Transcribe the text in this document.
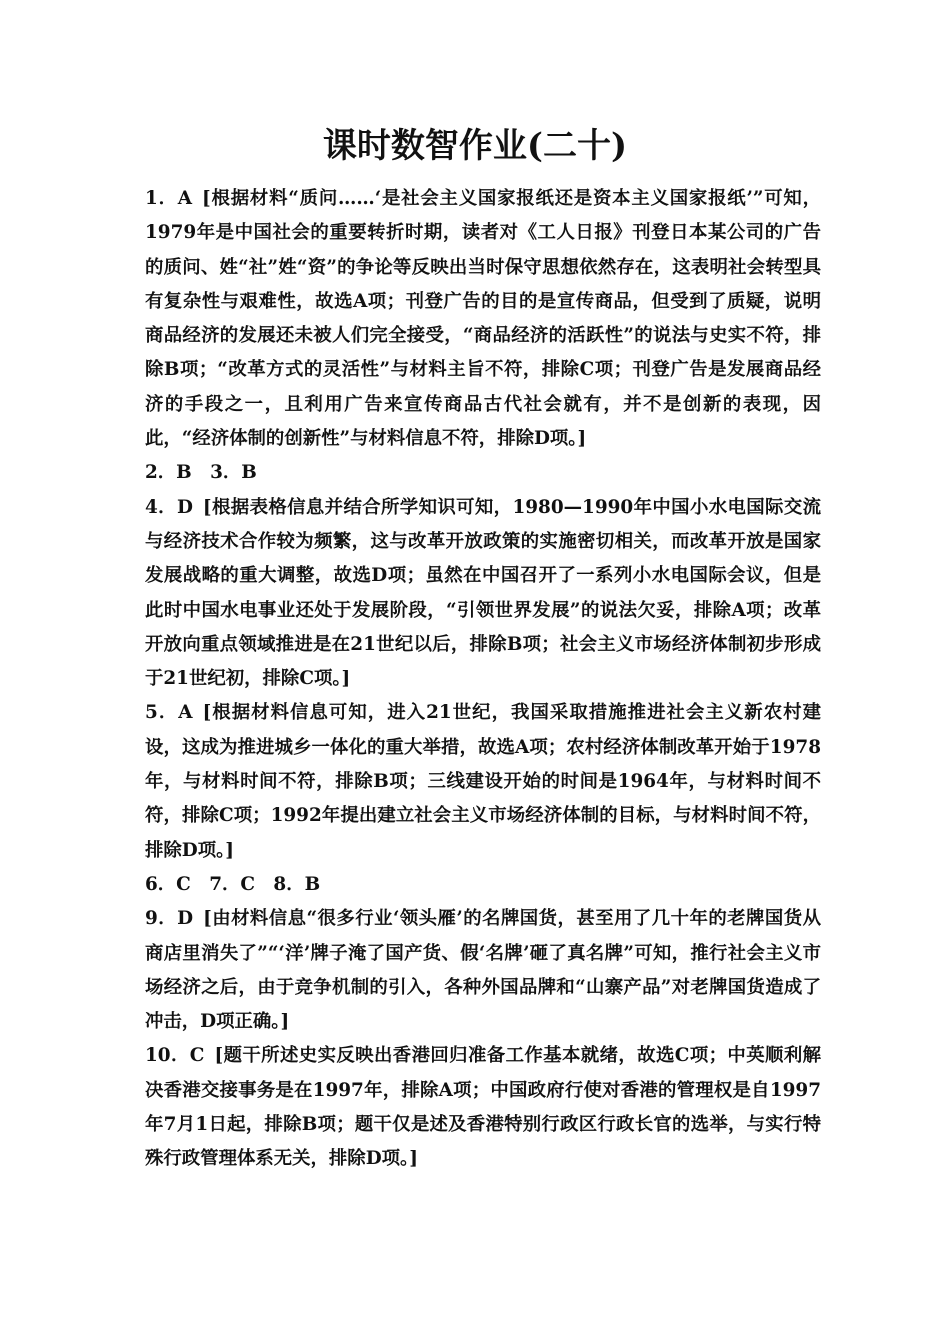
课时数智作业(二十)

1．A [根据材料“质问……‘是社会主义国家报纸还是资本主义国家报纸’”可知，1979年是中国社会的重要转折时期，读者对《工人日报》刊登日本某公司的广告的质问、姓“社”姓“资”的争论等反映出当时保守思想依然存在，这表明社会转型具有复杂性与艰难性，故选A项；刊登广告的目的是宣传商品，但受到了质疑，说明商品经济的发展还未被人们完全接受，“商品经济的活跃性”的说法与史实不符，排除B项；“改革方式的灵活性”与材料主旨不符，排除C项；刊登广告是发展商品经济的手段之一，且利用广告来宣传商品古代社会就有，并不是创新的表现，因此，“经济体制的创新性”与材料信息不符，排除D项。]

2．B　3．B

4．D [根据表格信息并结合所学知识可知，1980—1990年中国小水电国际交流与经济技术合作较为频繁，这与改革开放政策的实施密切相关，而改革开放是国家发展战略的重大调整，故选D项；虽然在中国召开了一系列小水电国际会议，但是此时中国水电事业还处于发展阶段，“引领世界发展”的说法欠妥，排除A项；改革开放向重点领域推进是在21世纪以后，排除B项；社会主义市场经济体制初步形成于21世纪初，排除C项。]

5．A [根据材料信息可知，进入21世纪，我国采取措施推进社会主义新农村建设，这成为推进城乡一体化的重大举措，故选A项；农村经济体制改革开始于1978年，与材料时间不符，排除B项；三线建设开始的时间是1964年，与材料时间不符，排除C项；1992年提出建立社会主义市场经济体制的目标，与材料时间不符，排除D项。]

6．C　7．C　8．B

9．D [由材料信息“很多行业‘领头雁’的名牌国货，甚至用了几十年的老牌国货从商店里消失了”“‘洋’牌子淹了国产货、假‘名牌’砸了真名牌”可知，推行社会主义市场经济之后，由于竞争机制的引入，各种外国品牌和“山寨产品”对老牌国货造成了冲击，D项正确。]

10．C [题干所述史实反映出香港回归准备工作基本就绪，故选C项；中英顺利解决香港交接事务是在1997年，排除A项；中国政府行使对香港的管理权是自1997年7月1日起，排除B项；题干仅是述及香港特别行政区行政长官的选举，与实行特殊行政管理体系无关，排除D项。]
